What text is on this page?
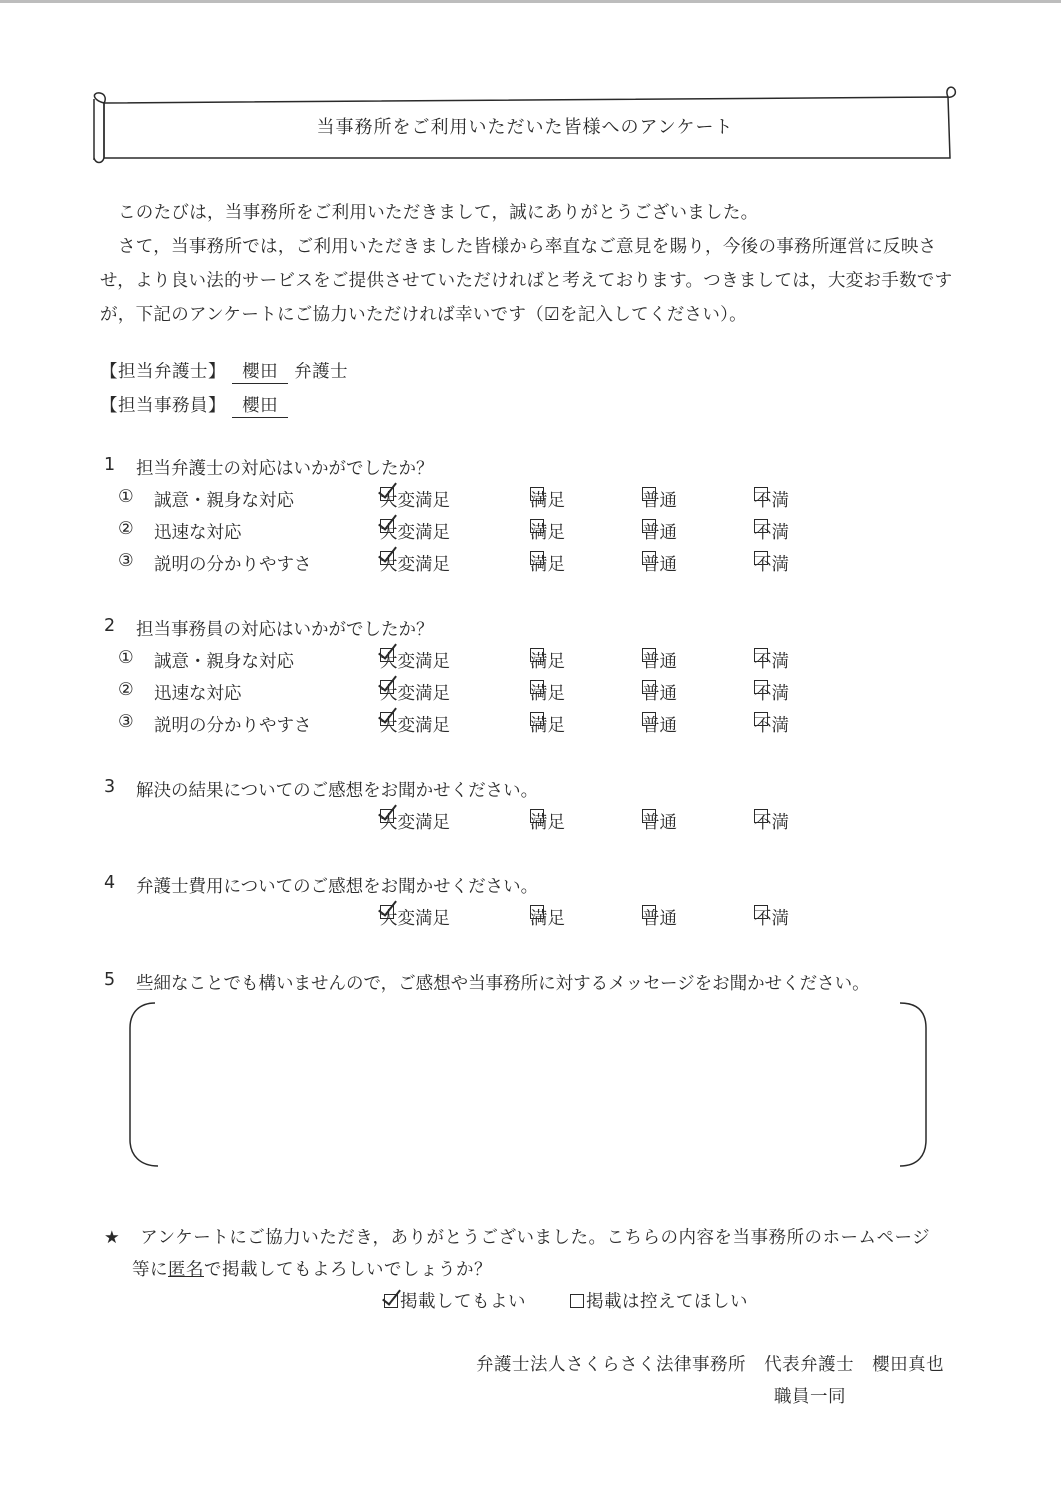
当事務所をご利用いただいた皆様へのアンケート
このたびは，当事務所をご利用いただきまして，誠にありがとうございました。
さて，当事務所では，ご利用いただきました皆様から率直なご意見を賜り，今後の事務所運営に反映させ，より良い法的サービスをご提供させていただければと考えております。つきましては，大変お手数ですが，下記のアンケートにご協力いただければ幸いです（☑を記入してください）。
【担当弁護士】 櫻田 弁護士
【担当事務員】 櫻田
1 担当弁護士の対応はいかがでしたか？
① 誠意・親身な対応	大変満足	満足	普通	不満
② 迅速な対応	大変満足	満足	普通	不満
③ 説明の分かりやすさ	大変満足	満足	普通	不満
2 担当事務員の対応はいかがでしたか？
① 誠意・親身な対応	大変満足	満足	普通	不満
② 迅速な対応	大変満足	満足	普通	不満
③ 説明の分かりやすさ	大変満足	満足	普通	不満
3 解決の結果についてのご感想をお聞かせください。
大変満足	満足	普通	不満
4 弁護士費用についてのご感想をお聞かせください。
大変満足	満足	普通	不満
5 些細なことでも構いませんので，ご感想や当事務所に対するメッセージをお聞かせください。
★ アンケートにご協力いただき，ありがとうございました。こちらの内容を当事務所のホームページ
等に匿名で掲載してもよろしいでしょうか？
掲載してもよい	掲載は控えてほしい
弁護士法人さくらさく法律事務所 代表弁護士 櫻田真也
職員一同
